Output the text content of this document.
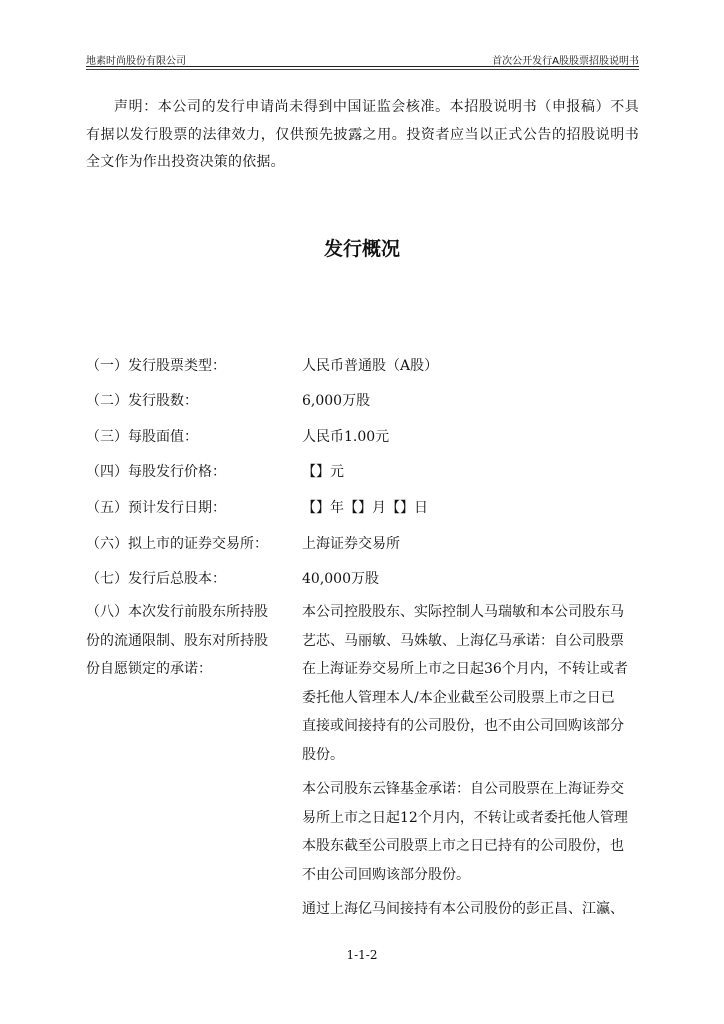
地素时尚股份有限公司	首次公开发行A股股票招股说明书
声明：本公司的发行申请尚未得到中国证监会核准。本招股说明书（申报稿）不具有据以发行股票的法律效力，仅供预先披露之用。投资者应当以正式公告的招股说明书全文作为作出投资决策的依据。
发行概况
（一）发行股票类型：	人民币普通股（A股）
（二）发行股数：	6,000万股
（三）每股面值：	人民币1.00元
（四）每股发行价格：	【】元
（五）预计发行日期：	【】年【】月【】日
（六）拟上市的证券交易所： 上海证券交易所
（七）发行后总股本：	40,000万股
（八）本次发行前股东所持股
份的流通限制、股东对所持股
份自愿锁定的承诺：

本公司控股股东、实际控制人马瑞敏和本公司股东马
艺芯、马丽敏、马姝敏、上海亿马承诺：自公司股票
在上海证券交易所上市之日起36个月内，不转让或者
委托他人管理本人/本企业截至公司股票上市之日已
直接或间接持有的公司股份，也不由公司回购该部分
股份。

本公司股东云锋基金承诺：自公司股票在上海证券交
易所上市之日起12个月内，不转让或者委托他人管理
本股东截至公司股票上市之日已持有的公司股份，也
不由公司回购该部分股份。

通过上海亿马间接持有本公司股份的彭正昌、江瀛、

1-1-2
